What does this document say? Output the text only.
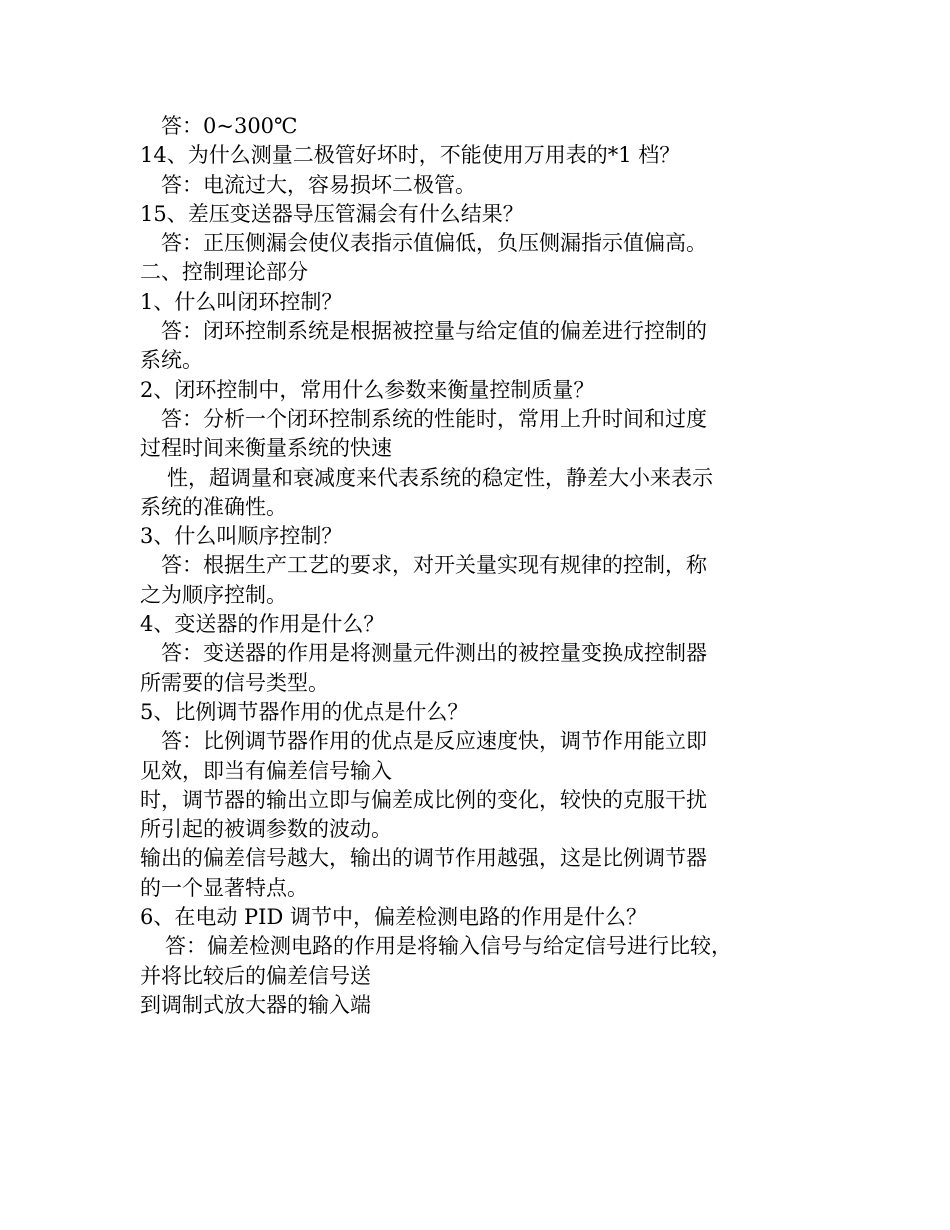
答：0~300℃
14、为什么测量二极管好坏时，不能使用万用表的*1 档？
答：电流过大，容易损坏二极管。
15、差压变送器导压管漏会有什么结果？
答：正压侧漏会使仪表指示值偏低，负压侧漏指示值偏高。
二、控制理论部分
1、什么叫闭环控制？
答：闭环控制系统是根据被控量与给定值的偏差进行控制的
系统。
2、闭环控制中，常用什么参数来衡量控制质量？
答：分析一个闭环控制系统的性能时，常用上升时间和过度
过程时间来衡量系统的快速
性，超调量和衰减度来代表系统的稳定性，静差大小来表示
系统的准确性。
3、什么叫顺序控制？
答：根据生产工艺的要求，对开关量实现有规律的控制，称
之为顺序控制。
4、变送器的作用是什么？
答：变送器的作用是将测量元件测出的被控量变换成控制器
所需要的信号类型。
5、比例调节器作用的优点是什么？
答：比例调节器作用的优点是反应速度快，调节作用能立即
见效，即当有偏差信号输入
时，调节器的输出立即与偏差成比例的变化，较快的克服干扰
所引起的被调参数的波动。
输出的偏差信号越大，输出的调节作用越强，这是比例调节器
的一个显著特点。
6、在电动 PID 调节中，偏差检测电路的作用是什么？
答：偏差检测电路的作用是将输入信号与给定信号进行比较，
并将比较后的偏差信号送
到调制式放大器的输入端
